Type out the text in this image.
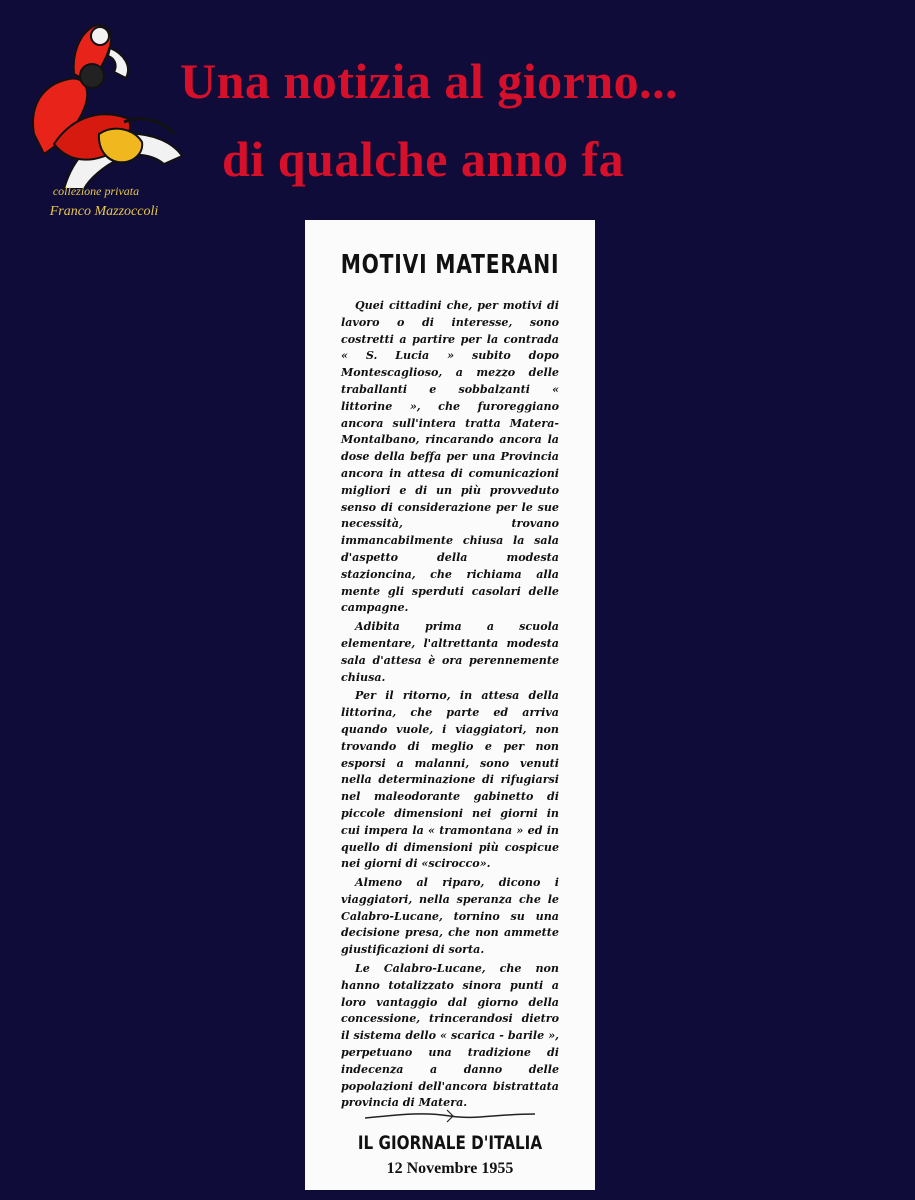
collezione privata
Franco Mazzoccoli
Una notizia al giorno...
di qualche anno fa
MOTIVI MATERANI

Quei cittadini che, per motivi di lavoro o di interesse, sono costretti a partire per la contrada « S. Lucia » subito dopo Montescaglioso, a mezzo delle traballanti e sobbalzanti « littorine », che furoreggiano ancora sull'intera tratta Matera-Montalbano, rincarando ancora la dose della beffa per una Provincia ancora in attesa di comunicazioni migliori e di un più provveduto senso di considerazione per le sue necessità, trovano immancabilmente chiusa la sala d'aspetto della modesta stazioncina, che richiama alla mente gli sperduti casolari delle campagne.

Adibita prima a scuola elementare, l'altrettanta modesta sala d'attesa è ora perennemente chiusa.

Per il ritorno, in attesa della littorina, che parte ed arriva quando vuole, i viaggiatori, non trovando di meglio e per non esporsi a malanni, sono venuti nella determinazione di rifugiarsi nel maleodorante gabinetto di piccole dimensioni nei giorni in cui impera la « tramontana » ed in quello di dimensioni più cospicue nei giorni di «scirocco».

Almeno al riparo, dicono i viaggiatori, nella speranza che le Calabro-Lucane, tornino su una decisione presa, che non ammette giustificazioni di sorta.

Le Calabro-Lucane, che non hanno totalizzato sinora punti a loro vantaggio dal giorno della concessione, trincerandosi dietro il sistema dello « scarica - barile », perpetuano una tradizione di indecenza a danno delle popolazioni dell'ancora bistrattata provincia di Matera.

IL GIORNALE D'ITALIA
12 Novembre 1955
